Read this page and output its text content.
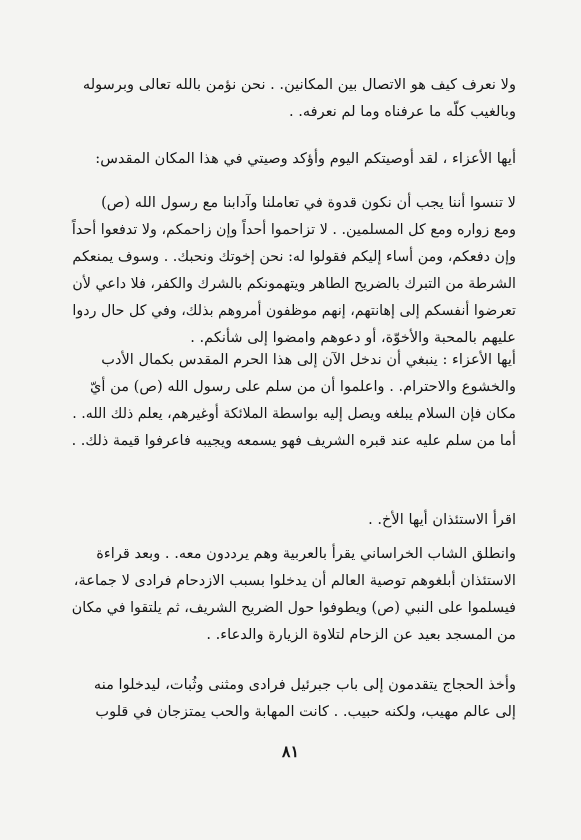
ولا نعرف كيف هو الاتصال بين المكانين. . نحن نؤمن بالله تعالى وبرسوله
وبالغيب كلّه ما عرفناه وما لم نعرفه. .
أيها الأعزاء ، لقد أوصيتكم اليوم وأؤكد وصيتي في هذا المكان المقدس:
لا تنسوا أننا يجب أن نكون قدوة في تعاملنا وآدابنا مع رسول الله (ص)
ومع زواره ومع كل المسلمين. . لا تزاحموا أحداً وإن زاحمكم، ولا تدفعوا أحداً
وإن دفعكم، ومن أساء إليكم فقولوا له: نحن إخوتك ونحبك. . وسوف يمنعكم
الشرطة من التبرك بالضريح الطاهر ويتهمونكم بالشرك والكفر، فلا داعي لأن
تعرضوا أنفسكم إلى إهانتهم، إنهم موظفون أمروهم بذلك، وفي كل حال ردوا
عليهم بالمحبة والأخوّة، أو دعوهم وامضوا إلى شأنكم. .
أيها الأعزاء : ينبغي أن ندخل الآن إلى هذا الحرم المقدس بكمال الأدب
والخشوع والاحترام. . واعلموا أن من سلم على رسول الله (ص) من أيّ
مكان فإن السلام يبلغه ويصل إليه بواسطة الملائكة أوغيرهم، يعلم ذلك الله. .
أما من سلم عليه عند قبره الشريف فهو يسمعه ويجيبه فاعرفوا قيمة ذلك. .
اقرأ الاستئذان أيها الأخ. .
وانطلق الشاب الخراساني يقرأ بالعربية وهم يرددون معه. . وبعد قراءة
الاستئذان أبلغوهم توصية العالم أن يدخلوا بسبب الازدحام فرادى لا جماعة،
فيسلموا على النبي (ص) ويطوفوا حول الضريح الشريف، ثم يلتقوا في مكان
من المسجد بعيد عن الزحام لتلاوة الزيارة والدعاء. .
وأخذ الحجاج يتقدمون إلى باب جبرئيل فرادى ومثنى وثُبات، ليدخلوا منه
إلى عالم مهيب، ولكنه حبيب. . كانت المهابة والحب يمتزجان في قلوب
٨١
